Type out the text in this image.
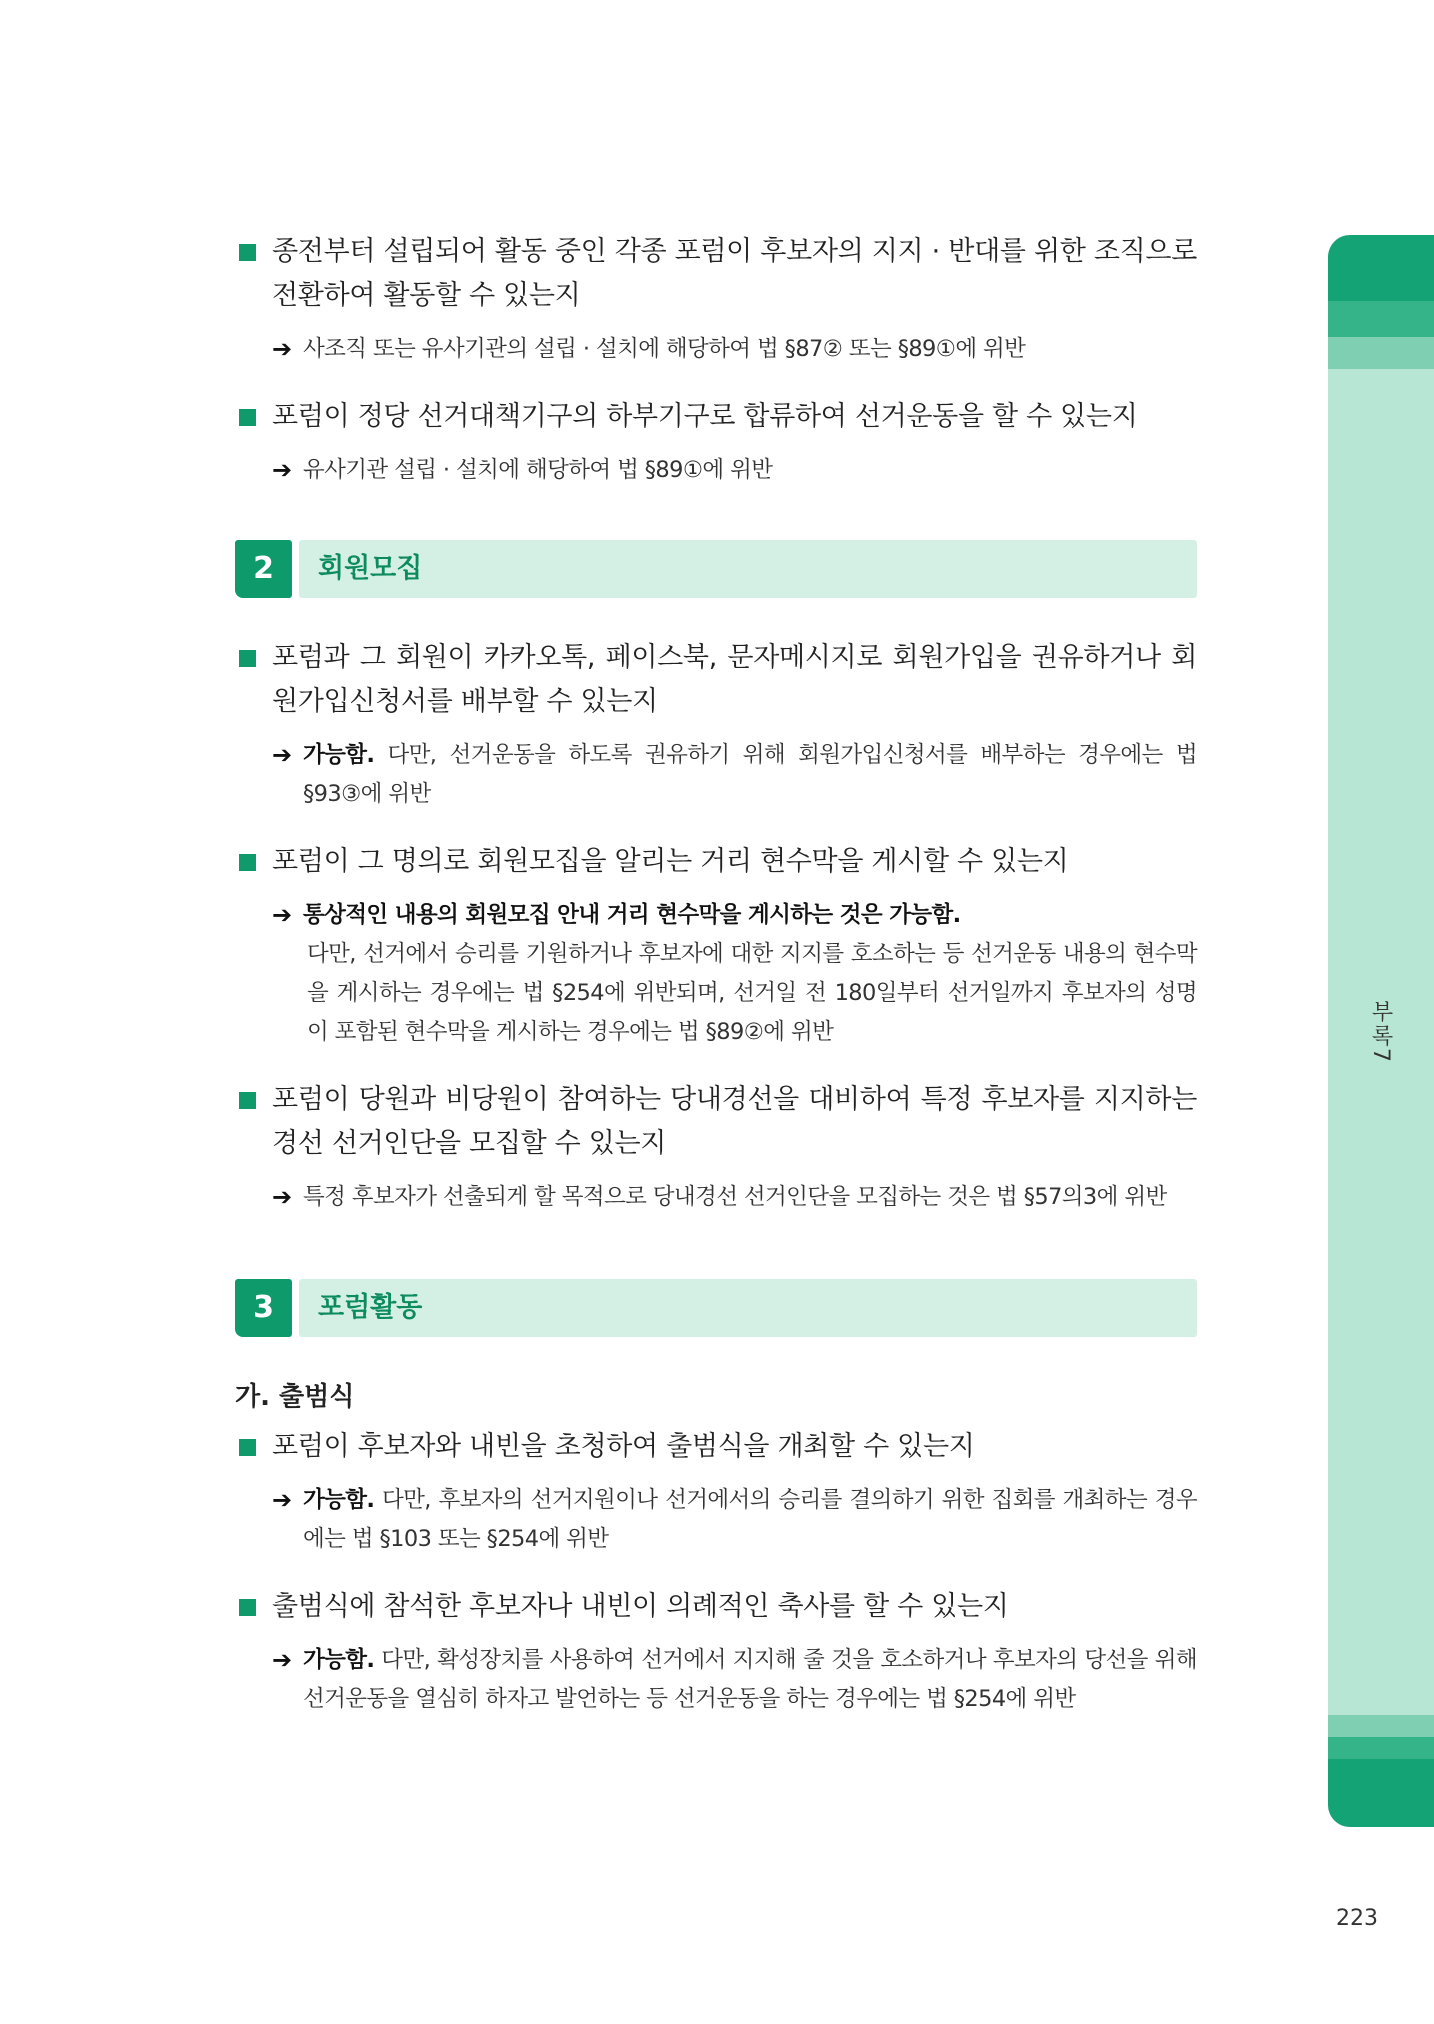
종전부터 설립되어 활동 중인 각종 포럼이 후보자의 지지 · 반대를 위한 조직으로 전환하여 활동할 수 있는지
➔ 사조직 또는 유사기관의 설립 · 설치에 해당하여 법 §87② 또는 §89①에 위반
포럼이 정당 선거대책기구의 하부기구로 합류하여 선거운동을 할 수 있는지
➔ 유사기관 설립 · 설치에 해당하여 법 §89①에 위반
2	회원모집
포럼과 그 회원이 카카오톡, 페이스북, 문자메시지로 회원가입을 권유하거나 회원가입신청서를 배부할 수 있는지
➔ 가능함. 다만, 선거운동을 하도록 권유하기 위해 회원가입신청서를 배부하는 경우에는 법 §93③에 위반
포럼이 그 명의로 회원모집을 알리는 거리 현수막을 게시할 수 있는지
➔ 통상적인 내용의 회원모집 안내 거리 현수막을 게시하는 것은 가능함.
다만, 선거에서 승리를 기원하거나 후보자에 대한 지지를 호소하는 등 선거운동 내용의 현수막을 게시하는 경우에는 법 §254에 위반되며, 선거일 전 180일부터 선거일까지 후보자의 성명이 포함된 현수막을 게시하는 경우에는 법 §89②에 위반
포럼이 당원과 비당원이 참여하는 당내경선을 대비하여 특정 후보자를 지지하는 경선 선거인단을 모집할 수 있는지
➔ 특정 후보자가 선출되게 할 목적으로 당내경선 선거인단을 모집하는 것은 법 §57의3에 위반
3	포럼활동
가. 출범식
포럼이 후보자와 내빈을 초청하여 출범식을 개최할 수 있는지
➔ 가능함. 다만, 후보자의 선거지원이나 선거에서의 승리를 결의하기 위한 집회를 개최하는 경우에는 법 §103 또는 §254에 위반
출범식에 참석한 후보자나 내빈이 의례적인 축사를 할 수 있는지
➔ 가능함. 다만, 확성장치를 사용하여 선거에서 지지해 줄 것을 호소하거나 후보자의 당선을 위해 선거운동을 열심히 하자고 발언하는 등 선거운동을 하는 경우에는 법 §254에 위반
부록7
223
